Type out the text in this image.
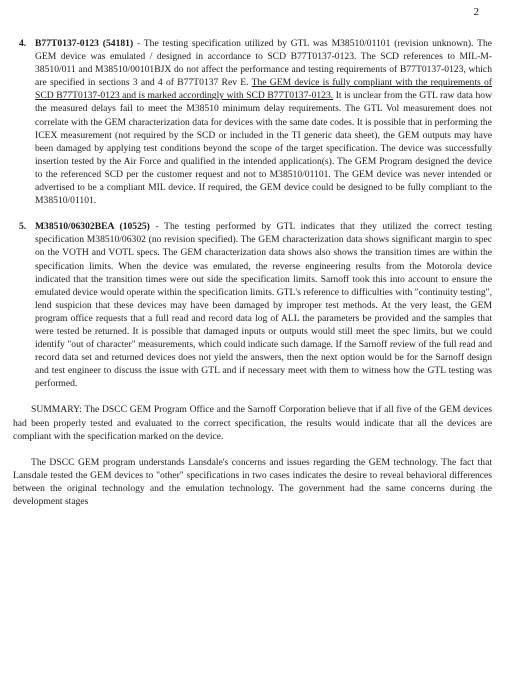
2
4. B77T0137-0123 (54181) - The testing specification utilized by GTL was M38510/01101 (revision unknown). The GEM device was emulated / designed in accordance to SCD B77T0137-0123. The SCD references to MIL-M-38510/011 and M38510/00101BJX do not affect the performance and testing requirements of B77T0137-0123, which are specified in sections 3 and 4 of B77T0137 Rev E. The GEM device is fully compliant with the requirements of SCD B77T0137-0123 and is marked accordingly with SCD B77T0137-0123. It is unclear from the GTL raw data how the measured delays fail to meet the M38510 minimum delay requirements. The GTL Vol measurement does not correlate with the GEM characterization data for devices with the same date codes. It is possible that in performing the ICEX measurement (not required by the SCD or included in the TI generic data sheet), the GEM outputs may have been damaged by applying test conditions beyond the scope of the target specification. The device was successfully insertion tested by the Air Force and qualified in the intended application(s). The GEM Program designed the device to the referenced SCD per the customer request and not to M38510/01101. The GEM device was never intended or advertised to be a compliant MIL device. If required, the GEM device could be designed to be fully compliant to the M38510/01101.
5. M38510/06302BEA (10525) - The testing performed by GTL indicates that they utilized the correct testing specification M38510/06302 (no revision specified). The GEM characterization data shows significant margin to spec on the VOTH and VOTL specs. The GEM characterization data shows also shows the transition times are within the specification limits. When the device was emulated, the reverse engineering results from the Motorola device indicated that the transition times were out side the specification limits. Sarnoff took this into account to ensure the emulated device would operate within the specification limits. GTL's reference to difficulties with "continuity testing", lend suspicion that these devices may have been damaged by improper test methods. At the very least, the GEM program office requests that a full read and record data log of ALL the parameters be provided and the samples that were tested be returned. It is possible that damaged inputs or outputs would still meet the spec limits, but we could identify "out of character" measurements, which could indicate such damage. If the Sarnoff review of the full read and record data set and returned devices does not yield the answers, then the next option would be for the Sarnoff design and test engineer to discuss the issue with GTL and if necessary meet with them to witness how the GTL testing was performed.

SUMMARY: The DSCC GEM Program Office and the Sarnoff Corporation believe that if all five of the GEM devices had been properly tested and evaluated to the correct specification, the results would indicate that all the devices are compliant with the specification marked on the device.

The DSCC GEM program understands Lansdale's concerns and issues regarding the GEM technology. The fact that Lansdale tested the GEM devices to "other" specifications in two cases indicates the desire to reveal behavioral differences between the original technology and the emulation technology. The government had the same concerns during the development stages
